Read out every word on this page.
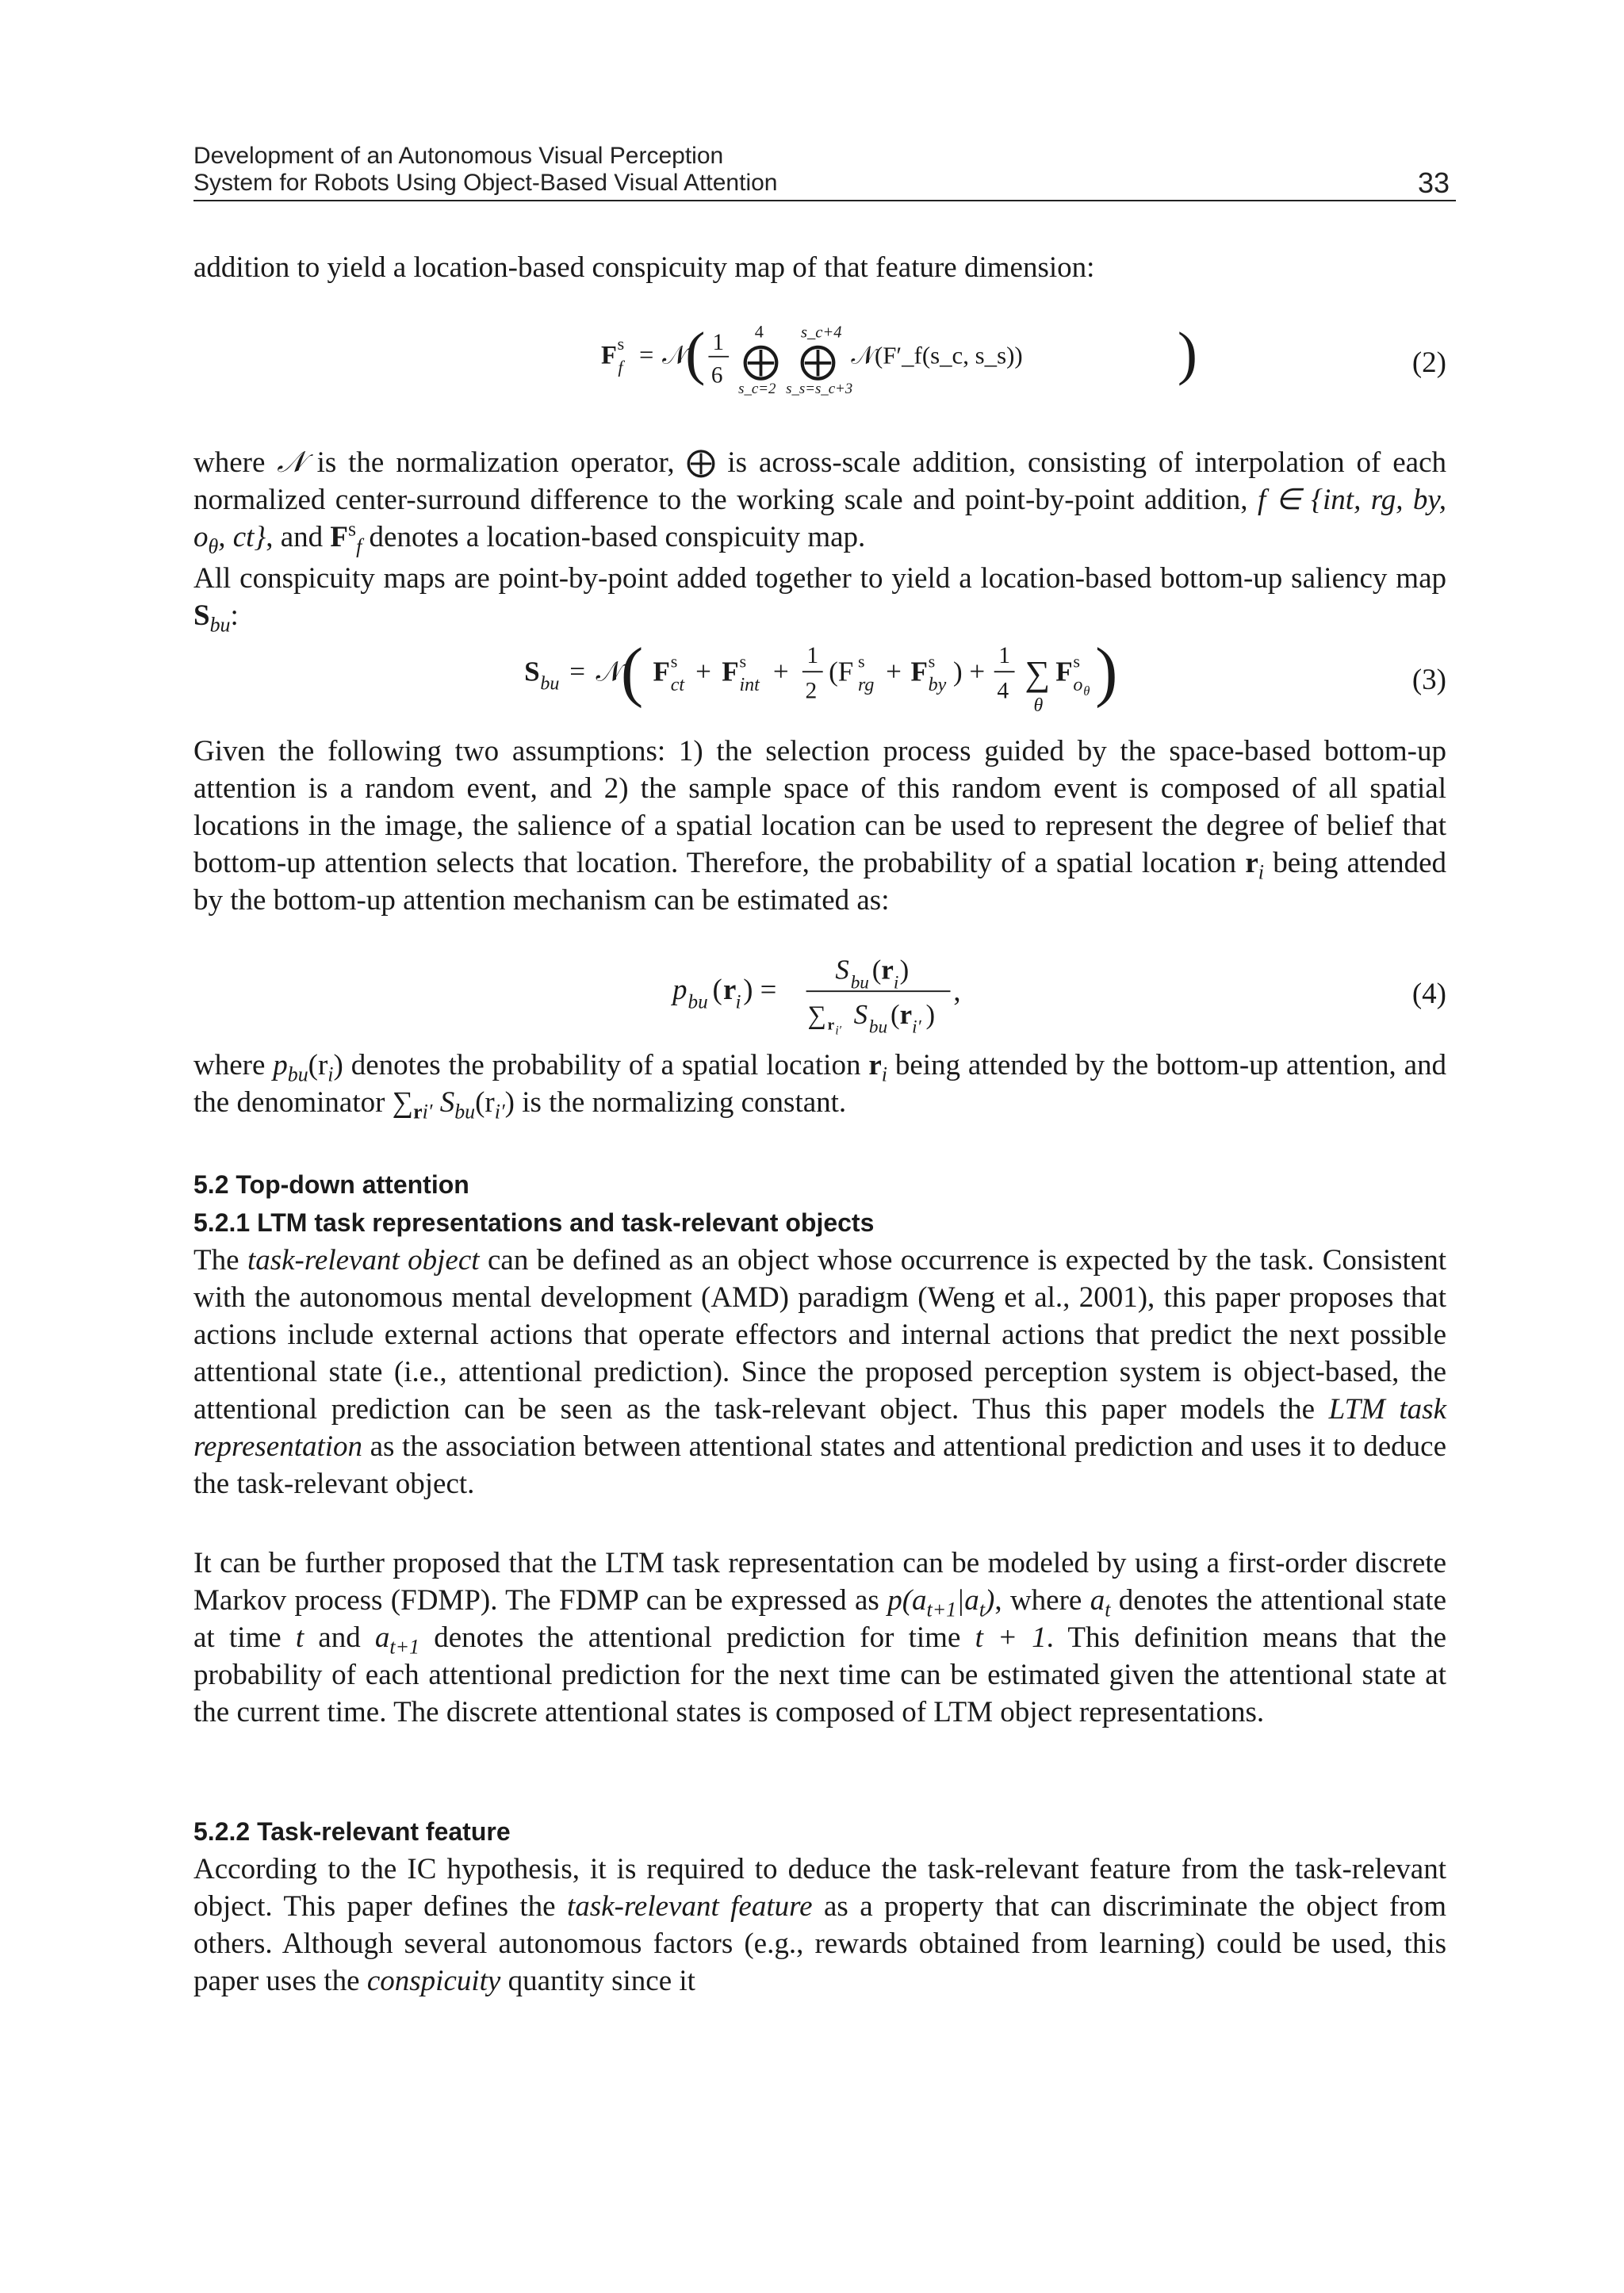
Development of an Autonomous Visual Perception
System for Robots Using Object-Based Visual Attention	33
addition to yield a location-based conspicuity map of that feature dimension:
F s
f = 𝒩
( 1
6
4
⨁
s_c=2
s_c+4
⨁
s_s=s_c+3
𝒩(F′_f(s_c, s_s)) )	(2)
where 𝒩 is the normalization operator, ⨁ is across-scale addition, consisting of interpolation of each normalized center-surround difference to the working scale and point-by-point addition, f ∈ {int, rg, by, $o_\theta$, ct}, and $F^s_f$ denotes a location-based conspicuity map.
All conspicuity maps are point-by-point added together to yield a location-based bottom-up saliency map $S_{bu}$:
S bu = 𝒩
( F s
ct + F s
int +
1
2
(F s
rg + F s
by ) +
1
4 ∑
θ
F s
o θ )	(3)
Given the following two assumptions: 1) the selection process guided by the space-based bottom-up attention is a random event, and 2) the sample space of this random event is composed of all spatial locations in the image, the salience of a spatial location can be used to represent the degree of belief that bottom-up attention selects that location. Therefore, the probability of a spatial location $r_i$ being attended by the bottom-up attention mechanism can be estimated as:
p bu ( r i ) =
S bu ( r i )
∑ r i′
S bu ( r i′ )
,	(4)
where $p_{bu}(r_i)$ denotes the probability of a spatial location $r_i$ being attended by the bottom-up attention, and the denominator $\sum_{ri'}$ $S_{bu}(r_{i'})$ is the normalizing constant.
5.2 Top-down attention
5.2.1 LTM task representations and task-relevant objects
The task-relevant object can be defined as an object whose occurrence is expected by the task. Consistent with the autonomous mental development (AMD) paradigm (Weng et al., 2001), this paper proposes that actions include external actions that operate effectors and internal actions that predict the next possible attentional state (i.e., attentional prediction). Since the proposed perception system is object-based, the attentional prediction can be seen as the task-relevant object. Thus this paper models the LTM task representation as the association between attentional states and attentional prediction and uses it to deduce the task-relevant object.
It can be further proposed that the LTM task representation can be modeled by using a first-order discrete Markov process (FDMP). The FDMP can be expressed as $p(a_{t+1}|a_t)$, where $a_t$ denotes the attentional state at time t and $a_{t+1}$ denotes the attentional prediction for time t + 1. This definition means that the probability of each attentional prediction for the next time can be estimated given the attentional state at the current time. The discrete attentional states is composed of LTM object representations.
5.2.2 Task-relevant feature
According to the IC hypothesis, it is required to deduce the task-relevant feature from the task-relevant object. This paper defines the task-relevant feature as a property that can discriminate the object from others. Although several autonomous factors (e.g., rewards obtained from learning) could be used, this paper uses the conspicuity quantity since it
